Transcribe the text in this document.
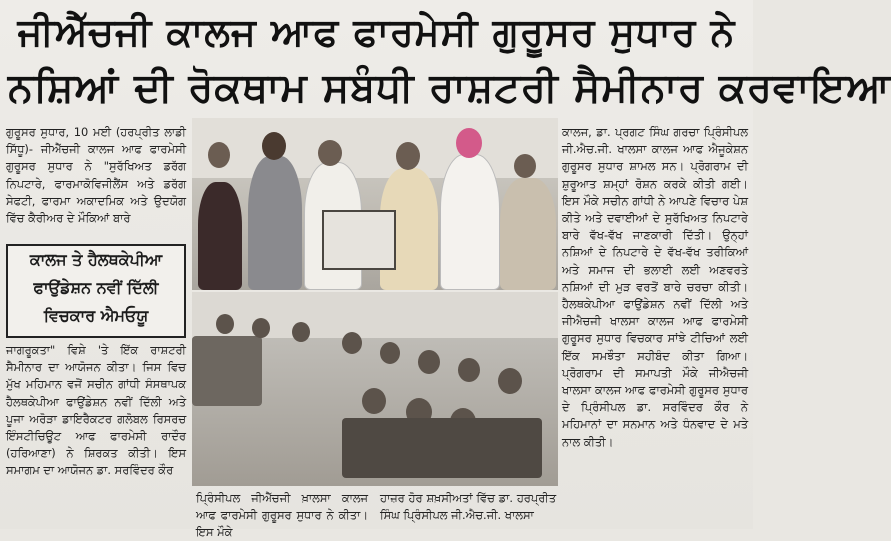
ਜੀਐੱਚਜੀ ਕਾਲਜ ਆਫ ਫਾਰਮੇਸੀ ਗੁਰੂਸਰ ਸੁਧਾਰ ਨੇ
ਨਸ਼ਿਆਂ ਦੀ ਰੋਕਥਾਮ ਸਬੰਧੀ ਰਾਸ਼ਟਰੀ ਸੈਮੀਨਾਰ ਕਰਵਾਇਆ
ਗੁਰੂਸਰ ਸੁਧਾਰ, 10 ਮਈ (ਹਰਪ੍ਰੀਤ ਲਾਡੀ ਸਿੱਧੂ)- ਜੀਐੱਚਜੀ ਕਾਲਜ ਆਫ ਫਾਰਮੇਸੀ ਗੁਰੂਸਰ ਸੁਧਾਰ ਨੇ "ਸੁਰੱਖਿਅਤ ਡਰੱਗ ਨਿਪਟਾਰੇ, ਫਾਰਮਾਕੋਵਿਜੀਲੈਂਸ ਅਤੇ ਡਰੱਗ ਸੇਫਟੀ, ਫਾਰਮਾ ਅਕਾਦਮਿਕ ਅਤੇ ਉਦਯੋਗ ਵਿੱਚ ਕੈਰੀਅਰ ਦੇ ਮੌਕਿਆਂ ਬਾਰੇ
ਕਾਲਜ ਤੇ ਹੈਲਥਕੇਪੀਆ
ਫਾਉਂਡੇਸ਼ਨ ਨਵੀਂ ਦਿੱਲੀ
ਵਿਚਕਾਰ ਐਮਓਯੂ
ਜਾਗਰੂਕਤਾ" ਵਿਸ਼ੇ 'ਤੇ ਇੱਕ ਰਾਸ਼ਟਰੀ ਸੈਮੀਨਾਰ ਦਾ ਆਯੋਜਨ ਕੀਤਾ। ਜਿਸ ਵਿਚ ਮੁੱਖ ਮਹਿਮਾਨ ਵਜੋਂ ਸਚੀਨ ਗਾਂਧੀ ਸੰਸਥਾਪਕ ਹੈਲਥਕੇਪੀਆ ਫਾਉਂਡੇਸ਼ਨ ਨਵੀਂ ਦਿੱਲੀ ਅਤੇ ਪੂਜਾ ਅਰੋੜਾ ਡਾਇਰੈਕਟਰ ਗਲੋਬਲ ਰਿਸਰਚ ਇੰਸਟੀਚਿਊਟ ਆਫ ਫਾਰਮੇਸੀ ਰਾਦੌਰ (ਹਰਿਆਣਾ) ਨੇ ਸ਼ਿਰਕਤ ਕੀਤੀ। ਇਸ ਸਮਾਗਮ ਦਾ ਆਯੋਜਨ ਡਾ. ਸਰਵਿੰਦਰ ਕੌਰ
ਕਾਲਜ, ਡਾ. ਪ੍ਰਗਟ ਸਿੰਘ ਗਰਚਾ ਪ੍ਰਿੰਸੀਪਲ ਜੀ.ਐਚ.ਜੀ. ਖਾਲਸਾ ਕਾਲਜ ਆਫ ਐਜੂਕੇਸ਼ਨ ਗੁਰੂਸਰ ਸੁਧਾਰ ਸ਼ਾਮਲ ਸਨ। ਪ੍ਰੋਗਰਾਮ ਦੀ ਸ਼ੁਰੂਆਤ ਸ਼ਮ੍ਹਾਂ ਰੋਸ਼ਨ ਕਰਕੇ ਕੀਤੀ ਗਈ। ਇਸ ਮੌਕੇ ਸਚੀਨ ਗਾਂਧੀ ਨੇ ਆਪਣੇ ਵਿਚਾਰ ਪੇਸ਼ ਕੀਤੇ ਅਤੇ ਦਵਾਈਆਂ ਦੇ ਸੁਰੱਖਿਅਤ ਨਿਪਟਾਰੇ ਬਾਰੇ ਵੱਖ-ਵੱਖ ਜਾਣਕਾਰੀ ਦਿੱਤੀ। ਉਨ੍ਹਾਂ ਨਸ਼ਿਆਂ ਦੇ ਨਿਪਟਾਰੇ ਦੇ ਵੱਖ-ਵੱਖ ਤਰੀਕਿਆਂ ਅਤੇ ਸਮਾਜ ਦੀ ਭਲਾਈ ਲਈ ਅਣਵਰਤੇ ਨਸ਼ਿਆਂ ਦੀ ਮੁੜ ਵਰਤੋਂ ਬਾਰੇ ਚਰਚਾ ਕੀਤੀ। ਹੈਲਥਕੇਪੀਆ ਫਾਉਂਡੇਸ਼ਨ ਨਵੀਂ ਦਿੱਲੀ ਅਤੇ ਜੀਐਚਜੀ ਖਾਲਸਾ ਕਾਲਜ ਆਫ ਫਾਰਮੇਸੀ ਗੁਰੂਸਰ ਸੁਧਾਰ ਵਿਚਕਾਰ ਸਾਂਝੇ ਟੀਚਿਆਂ ਲਈ ਇੱਕ ਸਮਝੌਤਾ ਸਹੀਬੰਦ ਕੀਤਾ ਗਿਆ। ਪ੍ਰੋਗਰਾਮ ਦੀ ਸਮਾਪਤੀ ਮੌਕੇ ਜੀਐਚਜੀ ਖਾਲਸਾ ਕਾਲਜ ਆਫ ਫਾਰਮੇਸੀ ਗੁਰੂਸਰ ਸੁਧਾਰ ਦੇ ਪ੍ਰਿੰਸੀਪਲ ਡਾ. ਸਰਵਿੰਦਰ ਕੌਰ ਨੇ ਮਹਿਮਾਨਾਂ ਦਾ ਸਨਮਾਨ ਅਤੇ ਧੰਨਵਾਦ ਦੇ ਮਤੇ ਨਾਲ ਕੀਤੀ।
ਪ੍ਰਿੰਸੀਪਲ ਜੀਐੱਚਜੀ ਖ਼ਾਲਸਾ ਕਾਲਜ ਆਫ ਫਾਰਮੇਸੀ ਗੁਰੂਸਰ ਸੁਧਾਰ ਨੇ ਕੀਤਾ। ਇਸ ਮੌਕੇ
ਹਾਜ਼ਰ ਹੋਰ ਸ਼ਖ਼ਸੀਅਤਾਂ ਵਿੱਚ ਡਾ. ਹਰਪ੍ਰੀਤ ਸਿੰਘ ਪ੍ਰਿੰਸੀਪਲ ਜੀ.ਐਚ.ਜੀ. ਖਾਲਸਾ
